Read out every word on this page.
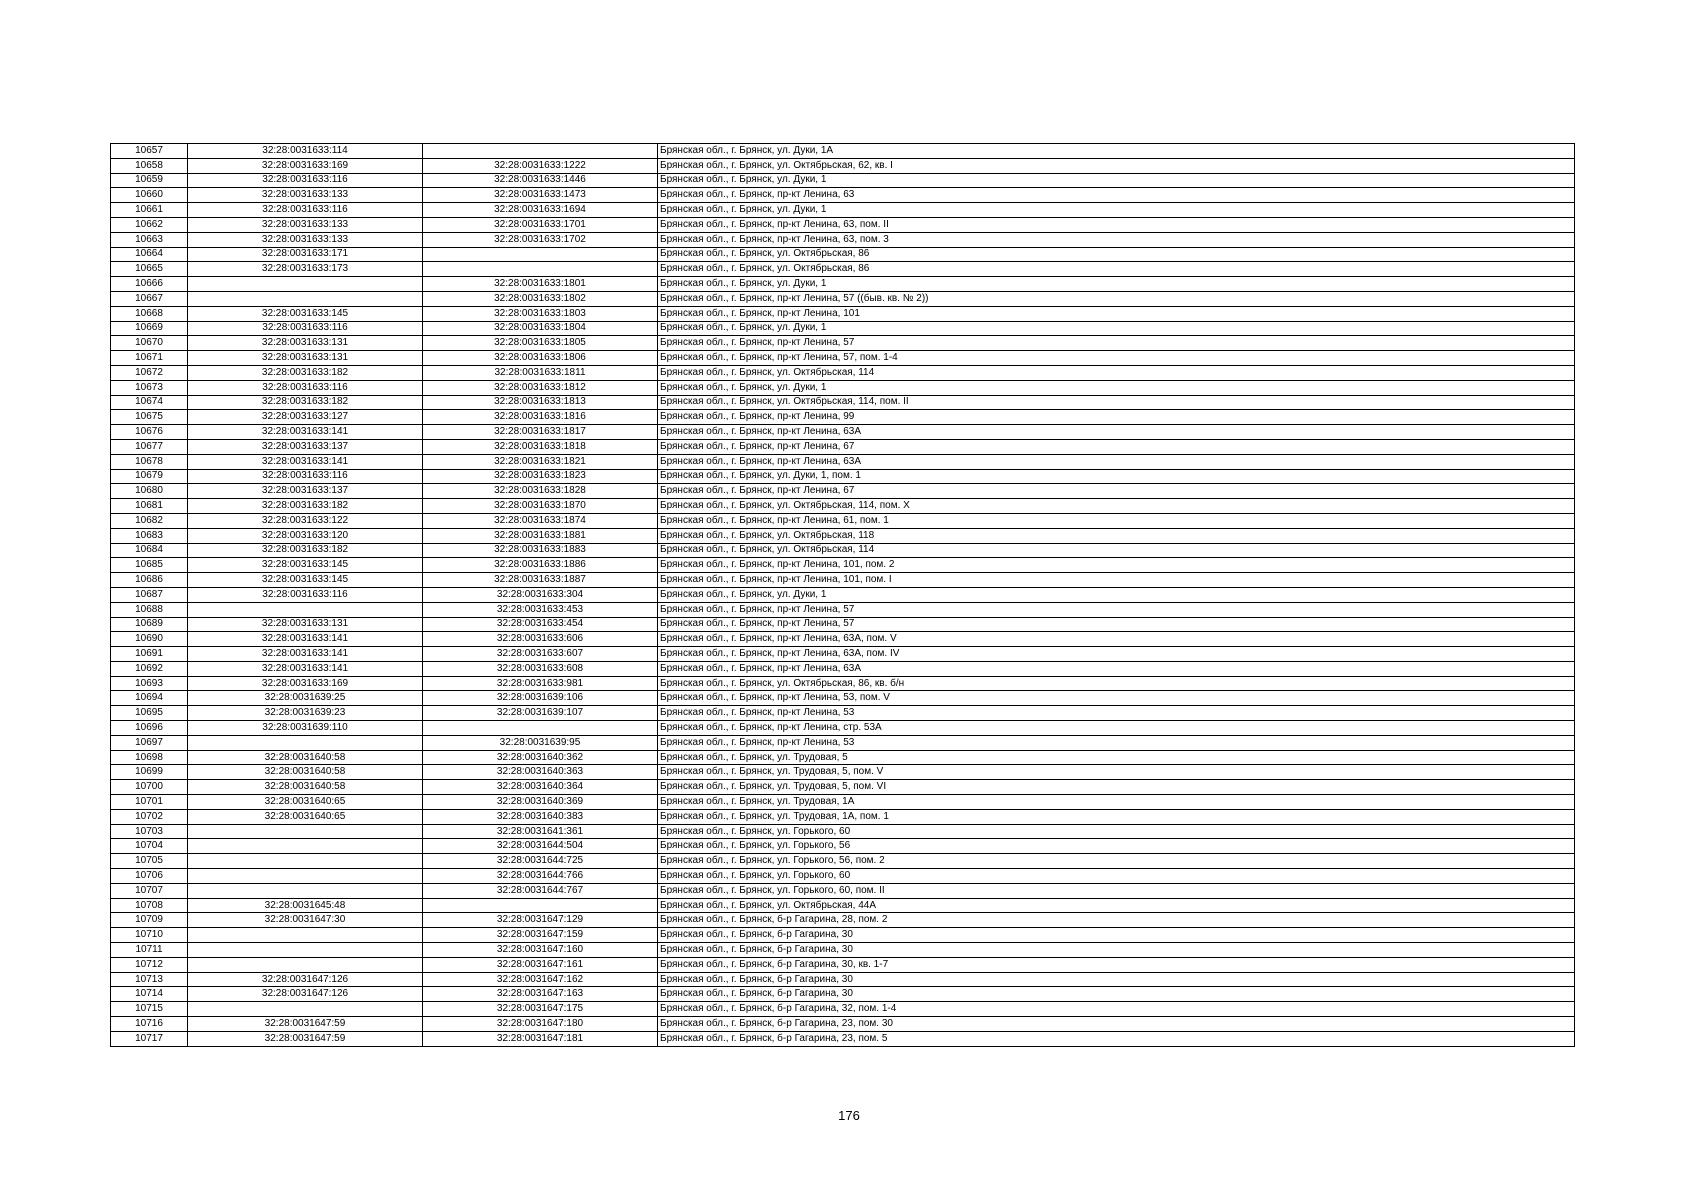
10657	32:28:0031633:114		Брянская обл., г. Брянск, ул. Дуки, 1А
10658	32:28:0031633:169	32:28:0031633:1222	Брянская обл., г. Брянск, ул. Октябрьская, 62, кв. I
10659	32:28:0031633:116	32:28:0031633:1446	Брянская обл., г. Брянск, ул. Дуки, 1
10660	32:28:0031633:133	32:28:0031633:1473	Брянская обл., г. Брянск, пр-кт Ленина, 63
10661	32:28:0031633:116	32:28:0031633:1694	Брянская обл., г. Брянск, ул. Дуки, 1
10662	32:28:0031633:133	32:28:0031633:1701	Брянская обл., г. Брянск, пр-кт Ленина, 63, пом. II
10663	32:28:0031633:133	32:28:0031633:1702	Брянская обл., г. Брянск, пр-кт Ленина, 63, пом. 3
10664	32:28:0031633:171		Брянская обл., г. Брянск, ул. Октябрьская, 86
10665	32:28:0031633:173		Брянская обл., г. Брянск, ул. Октябрьская, 86
10666		32:28:0031633:1801	Брянская обл., г. Брянск, ул. Дуки, 1
10667		32:28:0031633:1802	Брянская обл., г. Брянск, пр-кт Ленина, 57 ((быв. кв. № 2))
10668	32:28:0031633:145	32:28:0031633:1803	Брянская обл., г. Брянск, пр-кт Ленина, 101
10669	32:28:0031633:116	32:28:0031633:1804	Брянская обл., г. Брянск, ул. Дуки, 1
10670	32:28:0031633:131	32:28:0031633:1805	Брянская обл., г. Брянск, пр-кт Ленина, 57
10671	32:28:0031633:131	32:28:0031633:1806	Брянская обл., г. Брянск, пр-кт Ленина, 57, пом. 1-4
10672	32:28:0031633:182	32:28:0031633:1811	Брянская обл., г. Брянск, ул. Октябрьская, 114
10673	32:28:0031633:116	32:28:0031633:1812	Брянская обл., г. Брянск, ул. Дуки, 1
10674	32:28:0031633:182	32:28:0031633:1813	Брянская обл., г. Брянск, ул. Октябрьская, 114, пом. II
10675	32:28:0031633:127	32:28:0031633:1816	Брянская обл., г. Брянск, пр-кт Ленина, 99
10676	32:28:0031633:141	32:28:0031633:1817	Брянская обл., г. Брянск, пр-кт Ленина, 63А
10677	32:28:0031633:137	32:28:0031633:1818	Брянская обл., г. Брянск, пр-кт Ленина, 67
10678	32:28:0031633:141	32:28:0031633:1821	Брянская обл., г. Брянск, пр-кт Ленина, 63А
10679	32:28:0031633:116	32:28:0031633:1823	Брянская обл., г. Брянск, ул. Дуки, 1, пом. 1
10680	32:28:0031633:137	32:28:0031633:1828	Брянская обл., г. Брянск, пр-кт Ленина, 67
10681	32:28:0031633:182	32:28:0031633:1870	Брянская обл., г. Брянск, ул. Октябрьская, 114, пом. X
10682	32:28:0031633:122	32:28:0031633:1874	Брянская обл., г. Брянск, пр-кт Ленина, 61, пом. 1
10683	32:28:0031633:120	32:28:0031633:1881	Брянская обл., г. Брянск, ул. Октябрьская, 118
10684	32:28:0031633:182	32:28:0031633:1883	Брянская обл., г. Брянск, ул. Октябрьская, 114
10685	32:28:0031633:145	32:28:0031633:1886	Брянская обл., г. Брянск, пр-кт Ленина, 101, пом. 2
10686	32:28:0031633:145	32:28:0031633:1887	Брянская обл., г. Брянск, пр-кт Ленина, 101, пом. I
10687	32:28:0031633:116	32:28:0031633:304	Брянская обл., г. Брянск, ул. Дуки, 1
10688		32:28:0031633:453	Брянская обл., г. Брянск, пр-кт Ленина, 57
10689	32:28:0031633:131	32:28:0031633:454	Брянская обл., г. Брянск, пр-кт Ленина, 57
10690	32:28:0031633:141	32:28:0031633:606	Брянская обл., г. Брянск, пр-кт Ленина, 63А, пом. V
10691	32:28:0031633:141	32:28:0031633:607	Брянская обл., г. Брянск, пр-кт Ленина, 63А, пом. IV
10692	32:28:0031633:141	32:28:0031633:608	Брянская обл., г. Брянск, пр-кт Ленина, 63А
10693	32:28:0031633:169	32:28:0031633:981	Брянская обл., г. Брянск, ул. Октябрьская, 86, кв. б/н
10694	32:28:0031639:25	32:28:0031639:106	Брянская обл., г. Брянск, пр-кт Ленина, 53, пом. V
10695	32:28:0031639:23	32:28:0031639:107	Брянская обл., г. Брянск, пр-кт Ленина, 53
10696	32:28:0031639:110		Брянская обл., г. Брянск, пр-кт Ленина, стр. 53А
10697		32:28:0031639:95	Брянская обл., г. Брянск, пр-кт Ленина, 53
10698	32:28:0031640:58	32:28:0031640:362	Брянская обл., г. Брянск, ул. Трудовая, 5
10699	32:28:0031640:58	32:28:0031640:363	Брянская обл., г. Брянск, ул. Трудовая, 5, пом. V
10700	32:28:0031640:58	32:28:0031640:364	Брянская обл., г. Брянск, ул. Трудовая, 5, пом. VI
10701	32:28:0031640:65	32:28:0031640:369	Брянская обл., г. Брянск, ул. Трудовая, 1А
10702	32:28:0031640:65	32:28:0031640:383	Брянская обл., г. Брянск, ул. Трудовая, 1А, пом. 1
10703		32:28:0031641:361	Брянская обл., г. Брянск, ул. Горького, 60
10704		32:28:0031644:504	Брянская обл., г. Брянск, ул. Горького, 56
10705		32:28:0031644:725	Брянская обл., г. Брянск, ул. Горького, 56, пом. 2
10706		32:28:0031644:766	Брянская обл., г. Брянск, ул. Горького, 60
10707		32:28:0031644:767	Брянская обл., г. Брянск, ул. Горького, 60, пом. II
10708	32:28:0031645:48		Брянская обл., г. Брянск, ул. Октябрьская, 44А
10709	32:28:0031647:30	32:28:0031647:129	Брянская обл., г. Брянск, б-р Гагарина, 28, пом. 2
10710		32:28:0031647:159	Брянская обл., г. Брянск, б-р Гагарина, 30
10711		32:28:0031647:160	Брянская обл., г. Брянск, б-р Гагарина, 30
10712		32:28:0031647:161	Брянская обл., г. Брянск, б-р Гагарина, 30, кв. 1-7
10713	32:28:0031647:126	32:28:0031647:162	Брянская обл., г. Брянск, б-р Гагарина, 30
10714	32:28:0031647:126	32:28:0031647:163	Брянская обл., г. Брянск, б-р Гагарина, 30
10715		32:28:0031647:175	Брянская обл., г. Брянск, б-р Гагарина, 32, пом. 1-4
10716	32:28:0031647:59	32:28:0031647:180	Брянская обл., г. Брянск, б-р Гагарина, 23, пом. 30
10717	32:28:0031647:59	32:28:0031647:181	Брянская обл., г. Брянск, б-р Гагарина, 23, пом. 5
176
